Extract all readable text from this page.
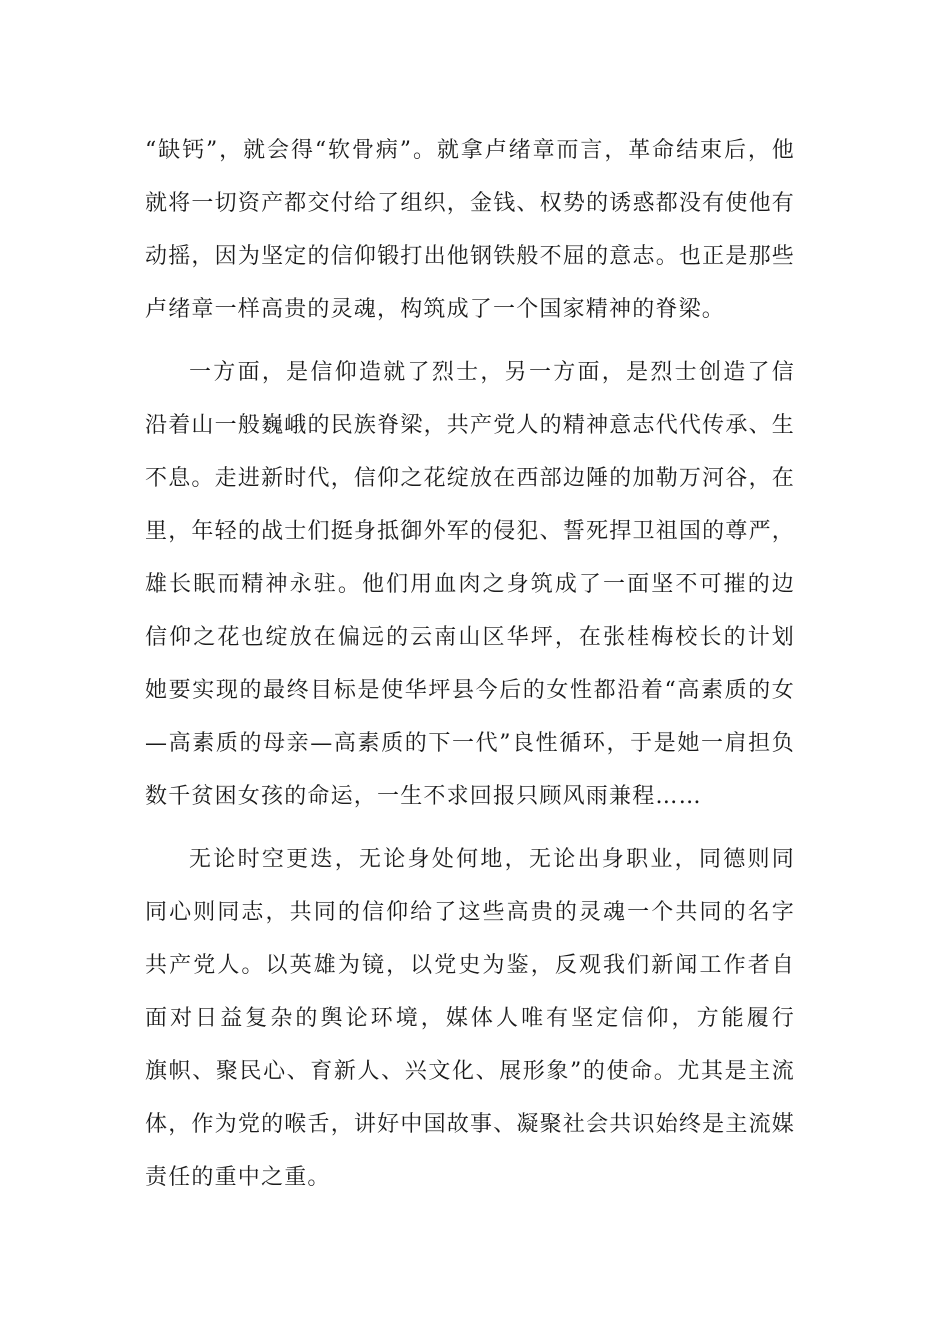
“缺钙”，就会得“软骨病”。就拿卢绪章而言，革命结束后，他
就将一切资产都交付给了组织，金钱、权势的诱惑都没有使他有
动摇，因为坚定的信仰锻打出他钢铁般不屈的意志。也正是那些
卢绪章一样高贵的灵魂，构筑成了一个国家精神的脊梁。
一方面，是信仰造就了烈士，另一方面，是烈士创造了信
沿着山一般巍峨的民族脊梁，共产党人的精神意志代代传承、生
不息。走进新时代，信仰之花绽放在西部边陲的加勒万河谷，在
里，年轻的战士们挺身抵御外军的侵犯、誓死捍卫祖国的尊严，
雄长眠而精神永驻。他们用血肉之身筑成了一面坚不可摧的边
信仰之花也绽放在偏远的云南山区华坪，在张桂梅校长的计划
她要实现的最终目标是使华坪县今后的女性都沿着“高素质的女
—高素质的母亲—高素质的下一代”良性循环，于是她一肩担负
数千贫困女孩的命运，一生不求回报只顾风雨兼程……
无论时空更迭，无论身处何地，无论出身职业，同德则同
同心则同志，共同的信仰给了这些高贵的灵魂一个共同的名字
共产党人。以英雄为镜，以党史为鉴，反观我们新闻工作者自
面对日益复杂的舆论环境，媒体人唯有坚定信仰，方能履行
旗帜、聚民心、育新人、兴文化、展形象”的使命。尤其是主流
体，作为党的喉舌，讲好中国故事、凝聚社会共识始终是主流媒
责任的重中之重。
